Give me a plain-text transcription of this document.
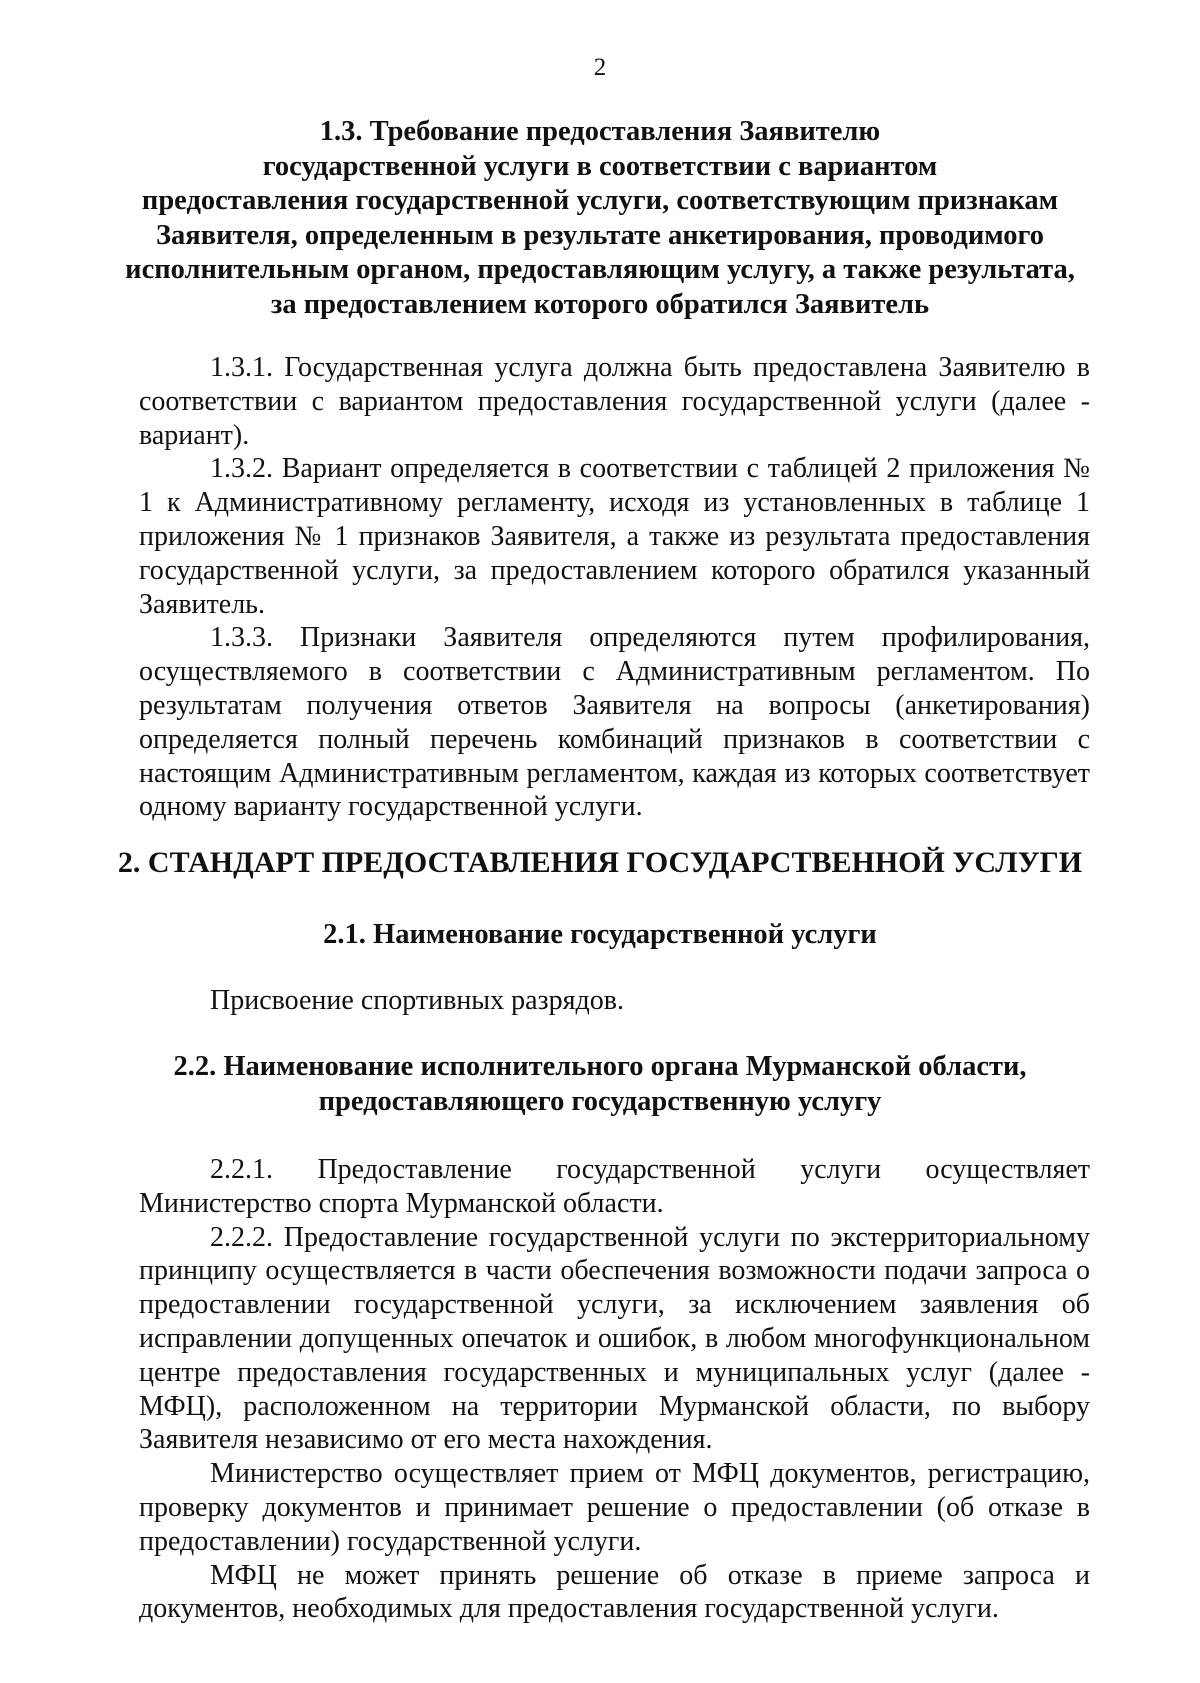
2
1.3. Требование предоставления Заявителю
государственной услуги в соответствии с вариантом
предоставления государственной услуги, соответствующим признакам
Заявителя, определенным в результате анкетирования, проводимого
исполнительным органом, предоставляющим услугу, а также результата,
за предоставлением которого обратился Заявитель

1.3.1. Государственная услуга должна быть предоставлена Заявителю в соответствии с вариантом предоставления государственной услуги (далее - вариант).

1.3.2. Вариант определяется в соответствии с таблицей 2 приложения № 1 к Административному регламенту, исходя из установленных в таблице 1 приложения № 1 признаков Заявителя, а также из результата предоставления государственной услуги, за предоставлением которого обратился указанный Заявитель.

1.3.3. Признаки Заявителя определяются путем профилирования, осуществляемого в соответствии с Административным регламентом. По результатам получения ответов Заявителя на вопросы (анкетирования) определяется полный перечень комбинаций признаков в соответствии с настоящим Административным регламентом, каждая из которых соответствует одному варианту государственной услуги.

2. СТАНДАРТ ПРЕДОСТАВЛЕНИЯ ГОСУДАРСТВЕННОЙ УСЛУГИ
2.1. Наименование государственной услуги

Присвоение спортивных разрядов.

2.2. Наименование исполнительного органа Мурманской области,
предоставляющего государственную услугу

2.2.1. Предоставление государственной услуги осуществляет Министерство спорта Мурманской области.

2.2.2. Предоставление государственной услуги по экстерриториальному принципу осуществляется в части обеспечения возможности подачи запроса о предоставлении государственной услуги, за исключением заявления об исправлении допущенных опечаток и ошибок, в любом многофункциональном центре предоставления государственных и муниципальных услуг (далее - МФЦ), расположенном на территории Мурманской области, по выбору Заявителя независимо от его места нахождения.

Министерство осуществляет прием от МФЦ документов, регистрацию, проверку документов и принимает решение о предоставлении (об отказе в предоставлении) государственной услуги.

МФЦ не может принять решение об отказе в приеме запроса и документов, необходимых для предоставления государственной услуги.
